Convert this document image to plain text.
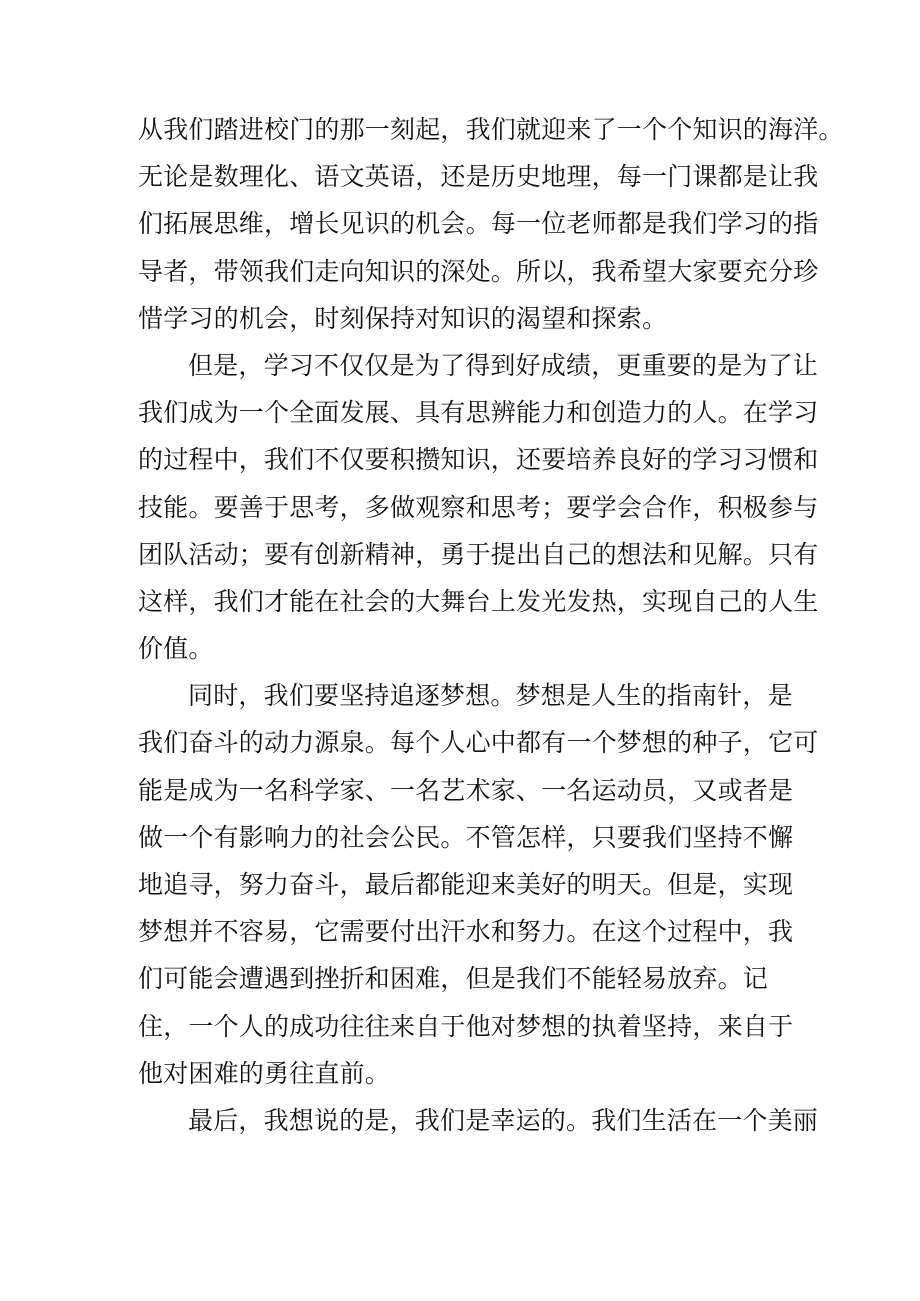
从我们踏进校门的那一刻起，我们就迎来了一个个知识的海洋。
无论是数理化、语文英语，还是历史地理，每一门课都是让我
们拓展思维，增长见识的机会。每一位老师都是我们学习的指
导者，带领我们走向知识的深处。所以，我希望大家要充分珍
惜学习的机会，时刻保持对知识的渴望和探索。
但是，学习不仅仅是为了得到好成绩，更重要的是为了让
我们成为一个全面发展、具有思辨能力和创造力的人。在学习
的过程中，我们不仅要积攒知识，还要培养良好的学习习惯和
技能。要善于思考，多做观察和思考；要学会合作，积极参与
团队活动；要有创新精神，勇于提出自己的想法和见解。只有
这样，我们才能在社会的大舞台上发光发热，实现自己的人生
价值。
同时，我们要坚持追逐梦想。梦想是人生的指南针，是
我们奋斗的动力源泉。每个人心中都有一个梦想的种子，它可
能是成为一名科学家、一名艺术家、一名运动员，又或者是
做一个有影响力的社会公民。不管怎样，只要我们坚持不懈
地追寻，努力奋斗，最后都能迎来美好的明天。但是，实现
梦想并不容易，它需要付出汗水和努力。在这个过程中，我
们可能会遭遇到挫折和困难，但是我们不能轻易放弃。记
住，一个人的成功往往来自于他对梦想的执着坚持，来自于
他对困难的勇往直前。
最后，我想说的是，我们是幸运的。我们生活在一个美丽
